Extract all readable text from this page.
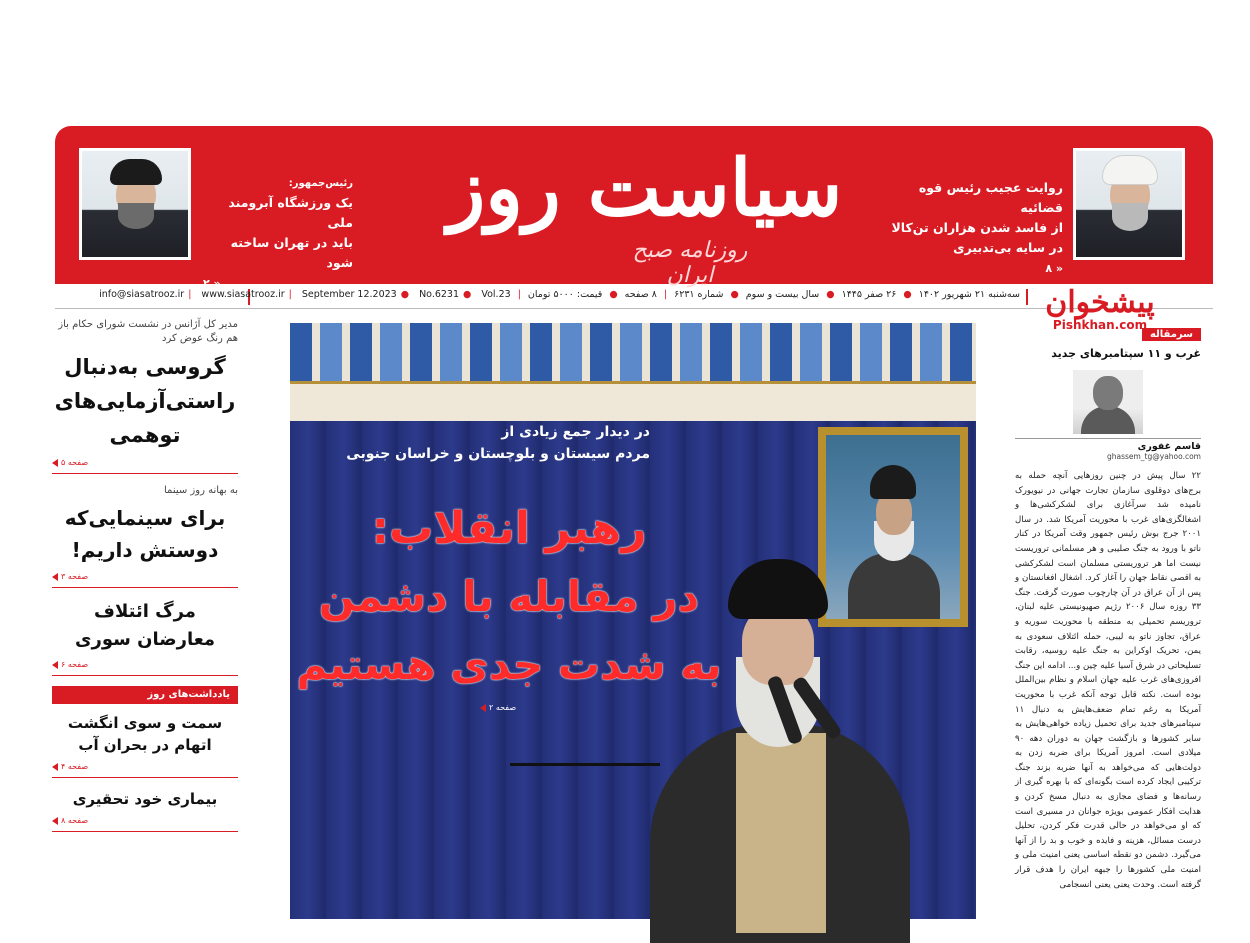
رئیس‌جمهور:
یک ورزشگاه آبرومند ملی
باید در تهران ساخته شود
۲ »
سیاست روز
روزنامه صبح ایران
روایت عجیب رئیس قوه قضائیه
از فاسد شدن هزاران تن‌کالا
در سایه بی‌تدبیری
« ۸
سه‌شنبه ۲۱ شهریور ۱۴۰۲● ۲۶ صفر ۱۴۴۵● سال بیست و سوم● شماره ۶۲۳۱| ۸ صفحه● قیمت: ۵۰۰۰ تومان| info@siasatrooz.ir | www.siasatrooz.ir | September 12.2023 ● No.6231 ● Vol.23
مدیر کل آژانس در نشست شورای حکام باز هم رنگ عوض کرد
گروسی به‌دنبال راستی‌آزمایی‌های توهمی
صفحه ۵
به بهانه روز سینما
برای سینمایی‌که دوستش داریم!
صفحه ۳
مرگ ائتلاف معارضان سوری
صفحه ۶
یادداشت‌های روز
سمت و سوی انگشت اتهام در بحران آب
صفحه ۴
بیماری خود تحقیری
صفحه ۸
در دیدار جمع زیادی از
مردم سیستان و بلوچستان و خراسان جنوبی
رهبر انقلاب:
در مقابله با دشمن
به شدت جدی هستیم
صفحه ۲
سرمقاله
غرب و ۱۱ سپتامبرهای جدید
قاسم غفوری
ghassem_tg@yahoo.com
۲۲ سال پیش در چنین روزهایی آنچه حمله به برج‌های دوقلوی سازمان تجارت جهانی در نیویورک نامیده شد سرآغازی برای لشکرکشی‌ها و اشغالگری‌های غرب با محوریت آمریکا شد. در سال ۲۰۰۱ جرج بوش رئیس جمهور وقت آمریکا در کنار ناتو با ورود به جنگ صلیبی و هر مسلمانی تروریست نیست اما هر تروریستی مسلمان است لشکرکشی به اقصی نقاط جهان را آغاز کرد. اشغال افغانستان و پس از آن عراق در آن چارچوب صورت گرفت. جنگ ۳۳ روزه سال ۲۰۰۶ رژیم صهیونیستی علیه لبنان، تروریسم تحمیلی به منطقه با محوریت سوریه و عراق، تجاوز ناتو به لیبی، حمله ائتلاف سعودی به یمن، تحریک اوکراین به جنگ علیه روسیه، رقابت تسلیحاتی در شرق آسیا علیه چین و... ادامه این جنگ افروزی‌های غرب علیه جهان اسلام و نظام بین‌الملل بوده است. نکته قابل توجه آنکه غرب با محوریت آمریکا به رغم تمام ضعف‌هایش به دنبال ۱۱ سپتامبرهای جدید برای تحمیل زیاده خواهی‌هایش به سایر کشورها و بازگشت جهان به دوران دهه ۹۰ میلادی است. امروز آمریکا برای ضربه زدن به دولت‌هایی که می‌خواهد به آنها ضربه بزند جنگ ترکیبی ایجاد کرده است بگونه‌ای که با بهره گیری از رسانه‌ها و فضای مجازی به دنبال مسخ کردن و هدایت افکار عمومی بویژه جوانان در مسیری است که او می‌خواهد در حالی قدرت فکر کردن، تحلیل درست مسائل، هزینه و فایده و خوب و بد را از آنها می‌گیرد. دشمن دو نقطه اساسی یعنی امنیت ملی و امنیت ملی کشورها را جبهه ایران را هدف قرار گرفته است. وحدت یعنی یعنی انسجامی
پیشخوان
Pishkhan.com
